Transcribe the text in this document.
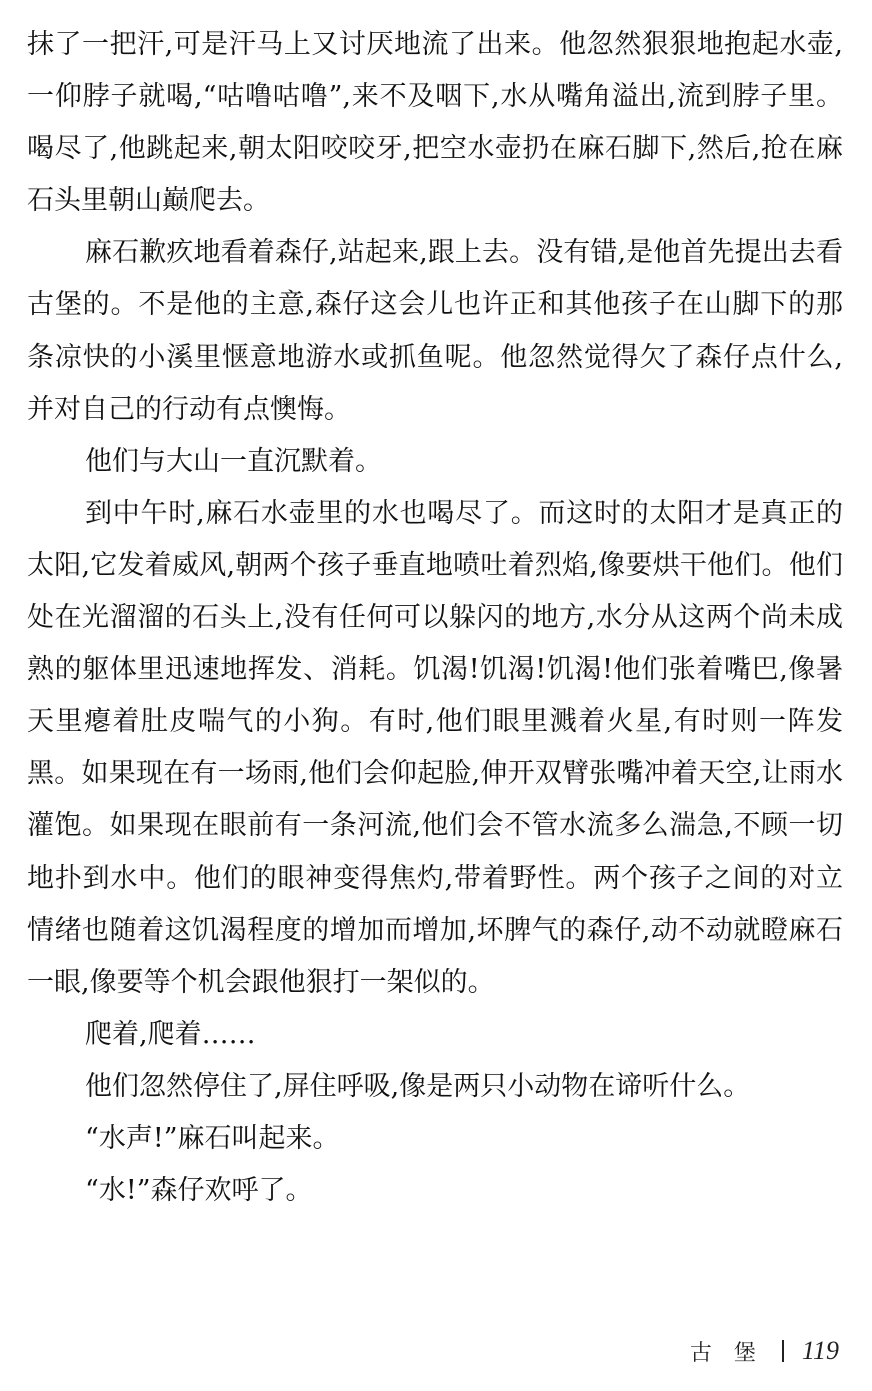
抹了一把汗,可是汗马上又讨厌地流了出来。他忽然狠狠地抱起水壶,一仰脖子就喝,“咕噜咕噜”,来不及咽下,水从嘴角溢出,流到脖子里。喝尽了,他跳起来,朝太阳咬咬牙,把空水壶扔在麻石脚下,然后,抢在麻石头里朝山巅爬去。

麻石歉疚地看着森仔,站起来,跟上去。没有错,是他首先提出去看古堡的。不是他的主意,森仔这会儿也许正和其他孩子在山脚下的那条凉快的小溪里惬意地游水或抓鱼呢。他忽然觉得欠了森仔点什么,并对自己的行动有点懊悔。

他们与大山一直沉默着。

到中午时,麻石水壶里的水也喝尽了。而这时的太阳才是真正的太阳,它发着威风,朝两个孩子垂直地喷吐着烈焰,像要烘干他们。他们处在光溜溜的石头上,没有任何可以躲闪的地方,水分从这两个尚未成熟的躯体里迅速地挥发、消耗。饥渴!饥渴!饥渴!他们张着嘴巴,像暑天里瘪着肚皮喘气的小狗。有时,他们眼里溅着火星,有时则一阵发黑。如果现在有一场雨,他们会仰起脸,伸开双臂张嘴冲着天空,让雨水灌饱。如果现在眼前有一条河流,他们会不管水流多么湍急,不顾一切地扑到水中。他们的眼神变得焦灼,带着野性。两个孩子之间的对立情绪也随着这饥渴程度的增加而增加,坏脾气的森仔,动不动就瞪麻石一眼,像要等个机会跟他狠打一架似的。

爬着,爬着……

他们忽然停住了,屏住呼吸,像是两只小动物在谛听什么。

“水声!”麻石叫起来。

“水!”森仔欢呼了。

古堡 119
